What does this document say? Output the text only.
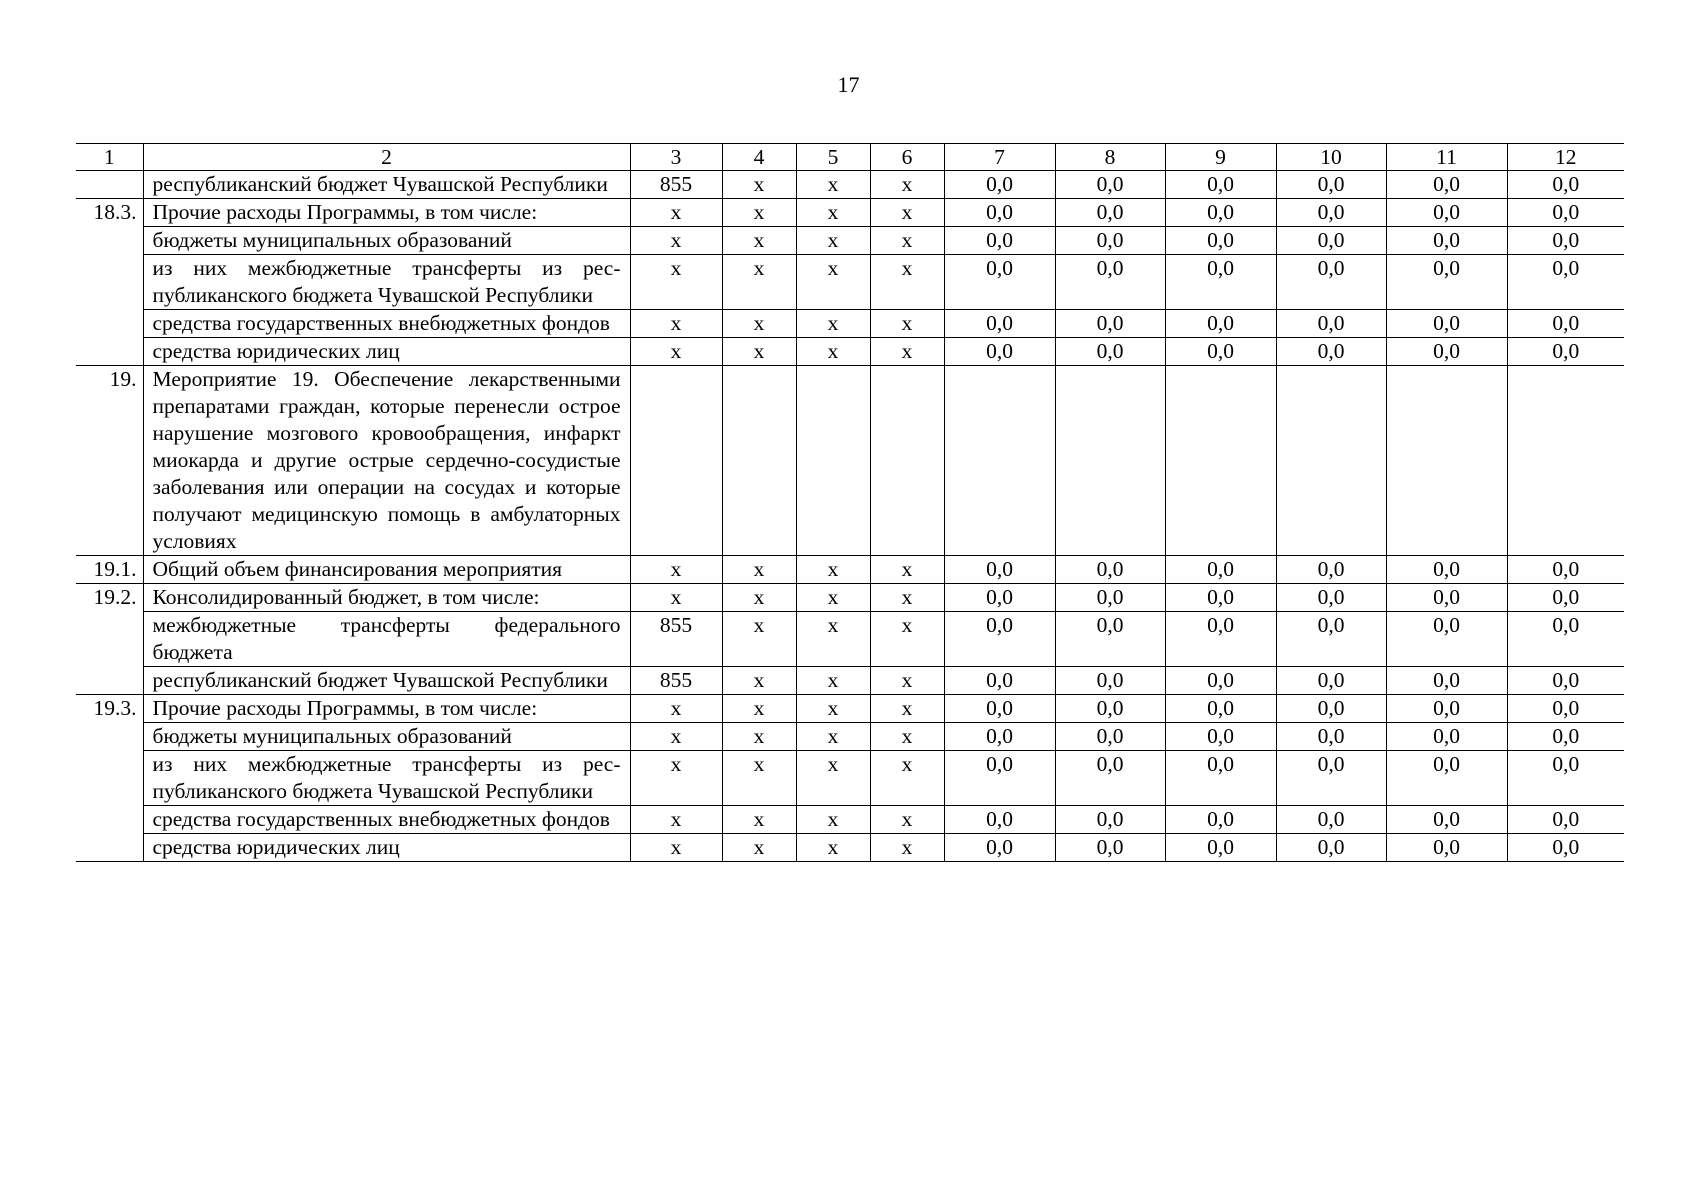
17
1	2	3	4	5	6	7	8	9	10	11	12
	республиканский бюджет Чувашской Республики	855	х	х	х	0,0	0,0	0,0	0,0	0,0	0,0
18.3.	Прочие расходы Программы, в том числе:	х	х	х	х	0,0	0,0	0,0	0,0	0,0	0,0
	бюджеты муниципальных образований	х	х	х	х	0,0	0,0	0,0	0,0	0,0	0,0
	из них межбюджетные трансферты из республиканского бюджета Чувашской Республики	х	х	х	х	0,0	0,0	0,0	0,0	0,0	0,0
	средства государственных внебюджетных фондов	х	х	х	х	0,0	0,0	0,0	0,0	0,0	0,0
	средства юридических лиц	х	х	х	х	0,0	0,0	0,0	0,0	0,0	0,0
19.	Мероприятие 19. Обеспечение лекарственными препаратами граждан, которые перенесли острое нарушение мозгового кровообращения, инфаркт миокарда и другие острые сердечно-сосудистые заболевания или операции на сосудах и которые получают медицинскую помощь в амбулаторных условиях										
19.1.	Общий объем финансирования мероприятия	х	х	х	х	0,0	0,0	0,0	0,0	0,0	0,0
19.2.	Консолидированный бюджет, в том числе:	х	х	х	х	0,0	0,0	0,0	0,0	0,0	0,0
	межбюджетные трансферты федерального бюджета	855	х	х	х	0,0	0,0	0,0	0,0	0,0	0,0
	республиканский бюджет Чувашской Республики	855	х	х	х	0,0	0,0	0,0	0,0	0,0	0,0
19.3.	Прочие расходы Программы, в том числе:	х	х	х	х	0,0	0,0	0,0	0,0	0,0	0,0
	бюджеты муниципальных образований	х	х	х	х	0,0	0,0	0,0	0,0	0,0	0,0
	из них межбюджетные трансферты из республиканского бюджета Чувашской Республики	х	х	х	х	0,0	0,0	0,0	0,0	0,0	0,0
	средства государственных внебюджетных фондов	х	х	х	х	0,0	0,0	0,0	0,0	0,0	0,0
	средства юридических лиц	х	х	х	х	0,0	0,0	0,0	0,0	0,0	0,0
